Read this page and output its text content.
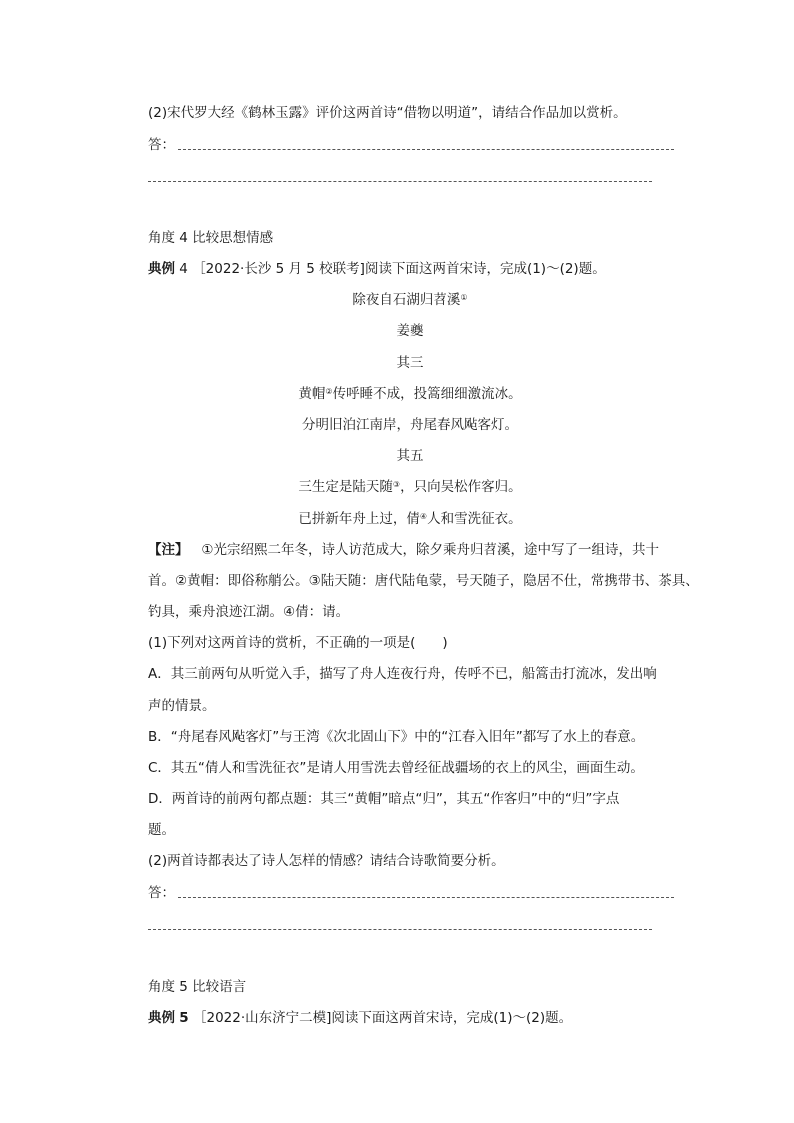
(2)宋代罗大经《鹤林玉露》评价这两首诗“借物以明道”，请结合作品加以赏析。
答：
角度 4 比较思想情感
典例 4 ［2022·长沙 5 月 5 校联考]阅读下面这两首宋诗，完成(1)～(2)题。
除夜自石湖归苕溪①
姜夔
其三
黄帽②传呼睡不成，投篙细细激流冰。
分明旧泊江南岸，舟尾春风飐客灯。
其五
三生定是陆天随③，只向吴松作客归。
已拼新年舟上过，倩④人和雪洗征衣。
【注】 ①光宗绍熙二年冬，诗人访范成大，除夕乘舟归苕溪，途中写了一组诗，共十
首。②黄帽：即俗称艄公。③陆天随：唐代陆龟蒙，号天随子，隐居不仕，常携带书、茶具、
钓具，乘舟浪迹江湖。④倩：请。
(1)下列对这两首诗的赏析，不正确的一项是(　　)
A．其三前两句从听觉入手，描写了舟人连夜行舟，传呼不已，船篙击打流冰，发出响
声的情景。
B．“舟尾春风飐客灯”与王湾《次北固山下》中的“江春入旧年”都写了水上的春意。
C．其五“倩人和雪洗征衣”是请人用雪洗去曾经征战疆场的衣上的风尘，画面生动。
D．两首诗的前两句都点题：其三“黄帽”暗点“归”，其五“作客归”中的“归”字点
题。
(2)两首诗都表达了诗人怎样的情感？请结合诗歌简要分析。
答：
角度 5 比较语言
典例 5 ［2022·山东济宁二模]阅读下面这两首宋诗，完成(1)～(2)题。
